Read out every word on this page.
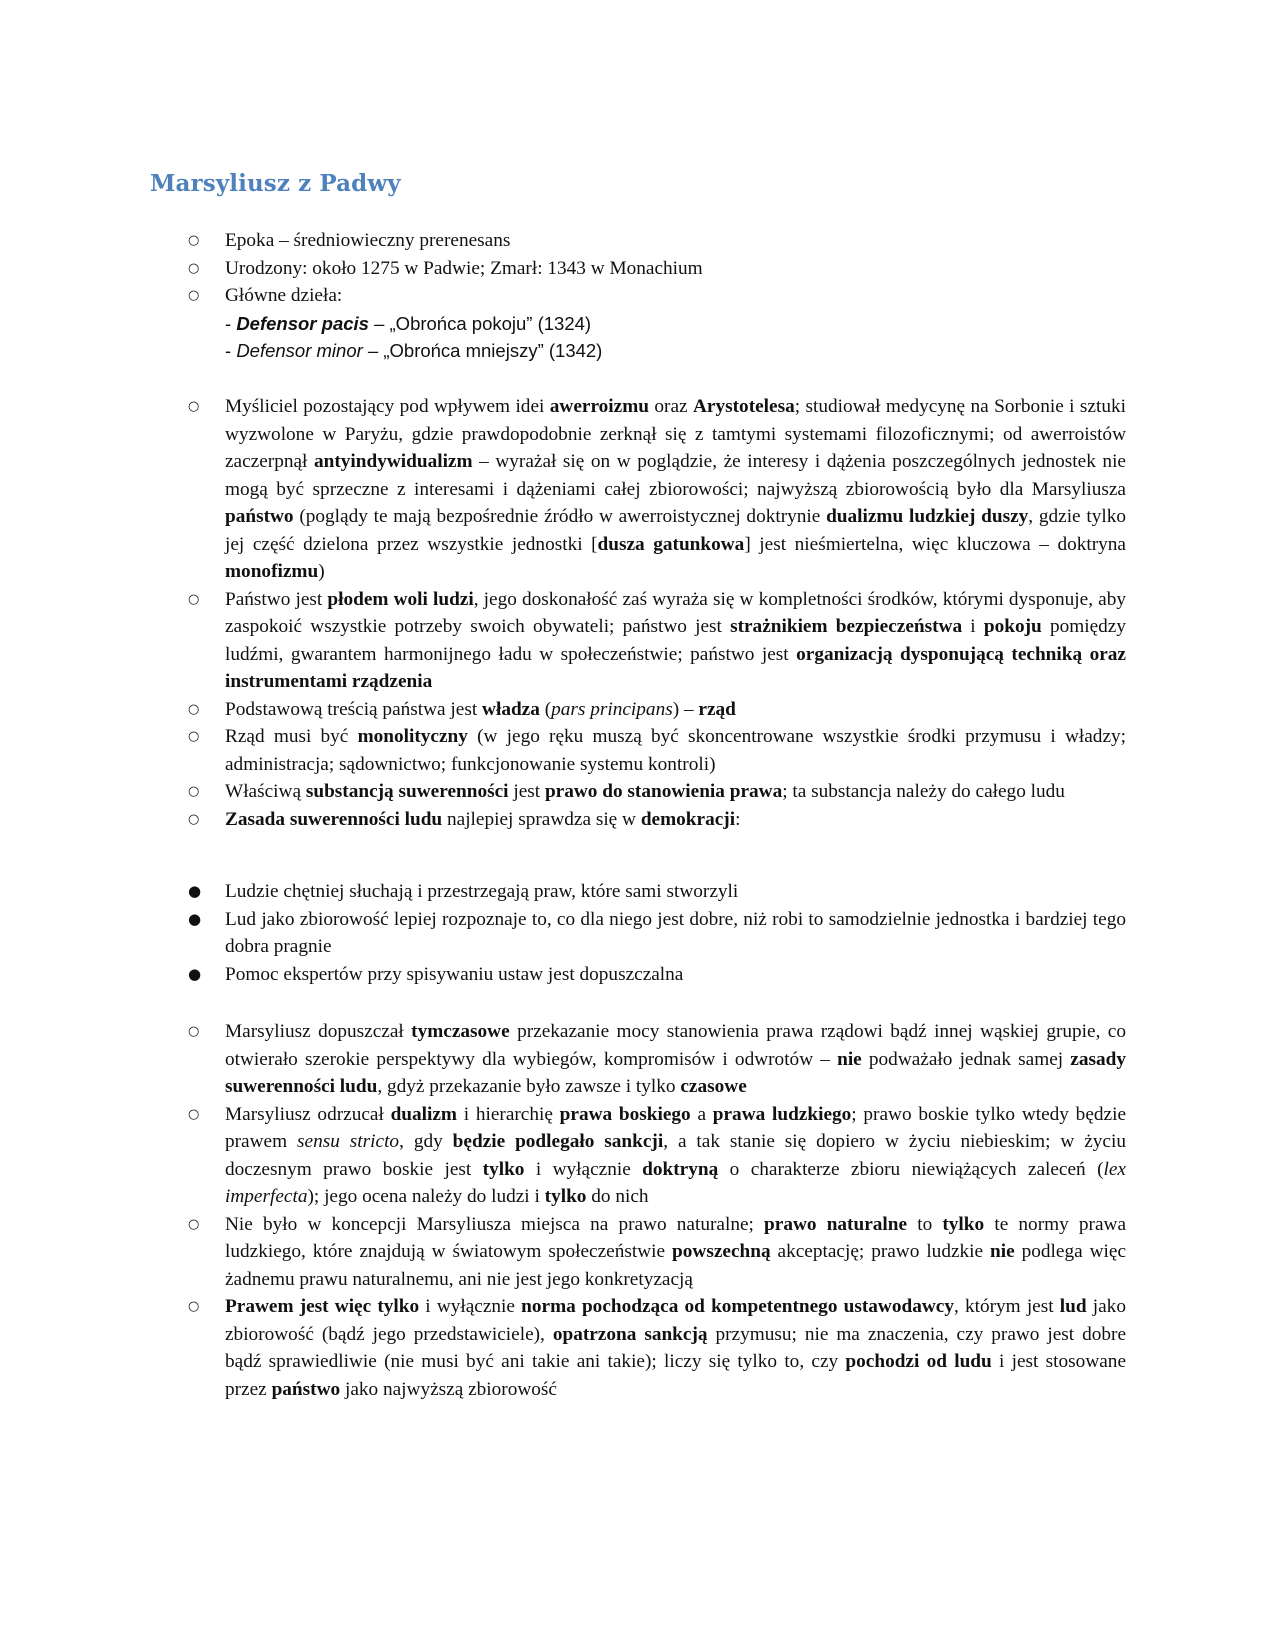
Marsyliusz z Padwy
○	Epoka – średniowieczny prerenesans
○	Urodzony: około 1275 w Padwie; Zmarł: 1343 w Monachium
○	Główne dzieła:
- Defensor pacis – „Obrońca pokoju” (1324)
- Defensor minor – „Obrońca mniejszy” (1342)
○	Myśliciel pozostający pod wpływem idei awerroizmu oraz Arystotelesa; studiował medycynę na Sorbonie i sztuki wyzwolone w Paryżu, gdzie prawdopodobnie zerknął się z tamtymi systemami filozoficznymi; od awerroistów zaczerpnął antyindywidualizm – wyrażał się on w poglądzie, że interesy i dążenia poszczególnych jednostek nie mogą być sprzeczne z interesami i dążeniami całej zbiorowości; najwyższą zbiorowością było dla Marsyliusza państwo (poglądy te mają bezpośrednie źródło w awerroistycznej doktrynie dualizmu ludzkiej duszy, gdzie tylko jej część dzielona przez wszystkie jednostki [dusza gatunkowa] jest nieśmiertelna, więc kluczowa – doktryna monofizmu)
○	Państwo jest płodem woli ludzi, jego doskonałość zaś wyraża się w kompletności środków, którymi dysponuje, aby zaspokoić wszystkie potrzeby swoich obywateli; państwo jest strażnikiem bezpieczeństwa i pokoju pomiędzy ludźmi, gwarantem harmonijnego ładu w społeczeństwie; państwo jest organizacją dysponującą techniką oraz instrumentami rządzenia
○	Podstawową treścią państwa jest władza (pars principans) – rząd
○	Rząd musi być monolityczny (w jego ręku muszą być skoncentrowane wszystkie środki przymusu i władzy; administracja; sądownictwo; funkcjonowanie systemu kontroli)
○	Właściwą substancją suwerenności jest prawo do stanowienia prawa; ta substancja należy do całego ludu
○	Zasada suwerenności ludu najlepiej sprawdza się w demokracji:
●	Ludzie chętniej słuchają i przestrzegają praw, które sami stworzyli
●	Lud jako zbiorowość lepiej rozpoznaje to, co dla niego jest dobre, niż robi to samodzielnie jednostka i bardziej tego dobra pragnie
●	Pomoc ekspertów przy spisywaniu ustaw jest dopuszczalna
○	Marsyliusz dopuszczał tymczasowe przekazanie mocy stanowienia prawa rządowi bądź innej wąskiej grupie, co otwierało szerokie perspektywy dla wybiegów, kompromisów i odwrotów – nie podważało jednak samej zasady suwerenności ludu, gdyż przekazanie było zawsze i tylko czasowe
○	Marsyliusz odrzucał dualizm i hierarchię prawa boskiego a prawa ludzkiego; prawo boskie tylko wtedy będzie prawem sensu stricto, gdy będzie podlegało sankcji, a tak stanie się dopiero w życiu niebieskim; w życiu doczesnym prawo boskie jest tylko i wyłącznie doktryną o charakterze zbioru niewiążących zaleceń (lex imperfecta); jego ocena należy do ludzi i tylko do nich
○	Nie było w koncepcji Marsyliusza miejsca na prawo naturalne; prawo naturalne to tylko te normy prawa ludzkiego, które znajdują w światowym społeczeństwie powszechną akceptację; prawo ludzkie nie podlega więc żadnemu prawu naturalnemu, ani nie jest jego konkretyzacją
○	Prawem jest więc tylko i wyłącznie norma pochodząca od kompetentnego ustawodawcy, którym jest lud jako zbiorowość (bądź jego przedstawiciele), opatrzona sankcją przymusu; nie ma znaczenia, czy prawo jest dobre bądź sprawiedliwie (nie musi być ani takie ani takie); liczy się tylko to, czy pochodzi od ludu i jest stosowane przez państwo jako najwyższą zbiorowość
